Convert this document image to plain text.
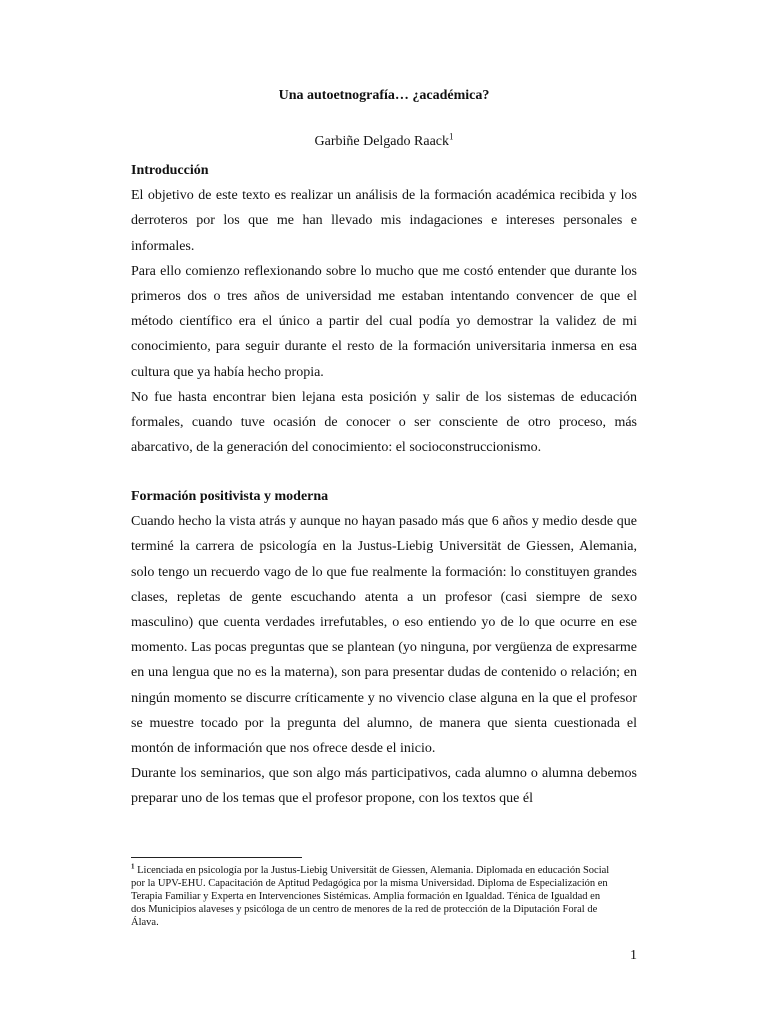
Una autoetnografía… ¿académica?
Garbiñe Delgado Raack$^1$

Introducción

El objetivo de este texto es realizar un análisis de la formación académica recibida y los derroteros por los que me han llevado mis indagaciones e intereses personales e informales.

Para ello comienzo reflexionando sobre lo mucho que me costó entender que durante los primeros dos o tres años de universidad me estaban intentando convencer de que el método científico era el único a partir del cual podía yo demostrar la validez de mi conocimiento, para seguir durante el resto de la formación universitaria inmersa en esa cultura que ya había hecho propia.

No fue hasta encontrar bien lejana esta posición y salir de los sistemas de educación formales, cuando tuve ocasión de conocer o ser consciente de otro proceso, más abarcativo, de la generación del conocimiento: el socioconstruccionismo.

Formación positivista y moderna

Cuando hecho la vista atrás y aunque no hayan pasado más que 6 años y medio desde que terminé la carrera de psicología en la Justus-Liebig Universität de Giessen, Alemania, solo tengo un recuerdo vago de lo que fue realmente la formación: lo constituyen grandes clases, repletas de gente escuchando atenta a un profesor (casi siempre de sexo masculino) que cuenta verdades irrefutables, o eso entiendo yo de lo que ocurre en ese momento. Las pocas preguntas que se plantean (yo ninguna, por vergüenza de expresarme en una lengua que no es la materna), son para presentar dudas de contenido o relación; en ningún momento se discurre críticamente y no vivencio clase alguna en la que el profesor se muestre tocado por la pregunta del alumno, de manera que sienta cuestionada el montón de información que nos ofrece desde el inicio.

Durante los seminarios, que son algo más participativos, cada alumno o alumna debemos preparar uno de los temas que el profesor propone, con los textos que él

$^1$ Licenciada en psicología por la Justus-Liebig Universität de Giessen, Alemania. Diplomada en educación Social por la UPV-EHU. Capacitación de Aptitud Pedagógica por la misma Universidad. Diploma de Especialización en Terapia Familiar y Experta en Intervenciones Sistémicas. Amplia formación en Igualdad. Ténica de Igualdad en dos Municipios alaveses y psicóloga de un centro de menores de la red de protección de la Diputación Foral de Álava.
1
